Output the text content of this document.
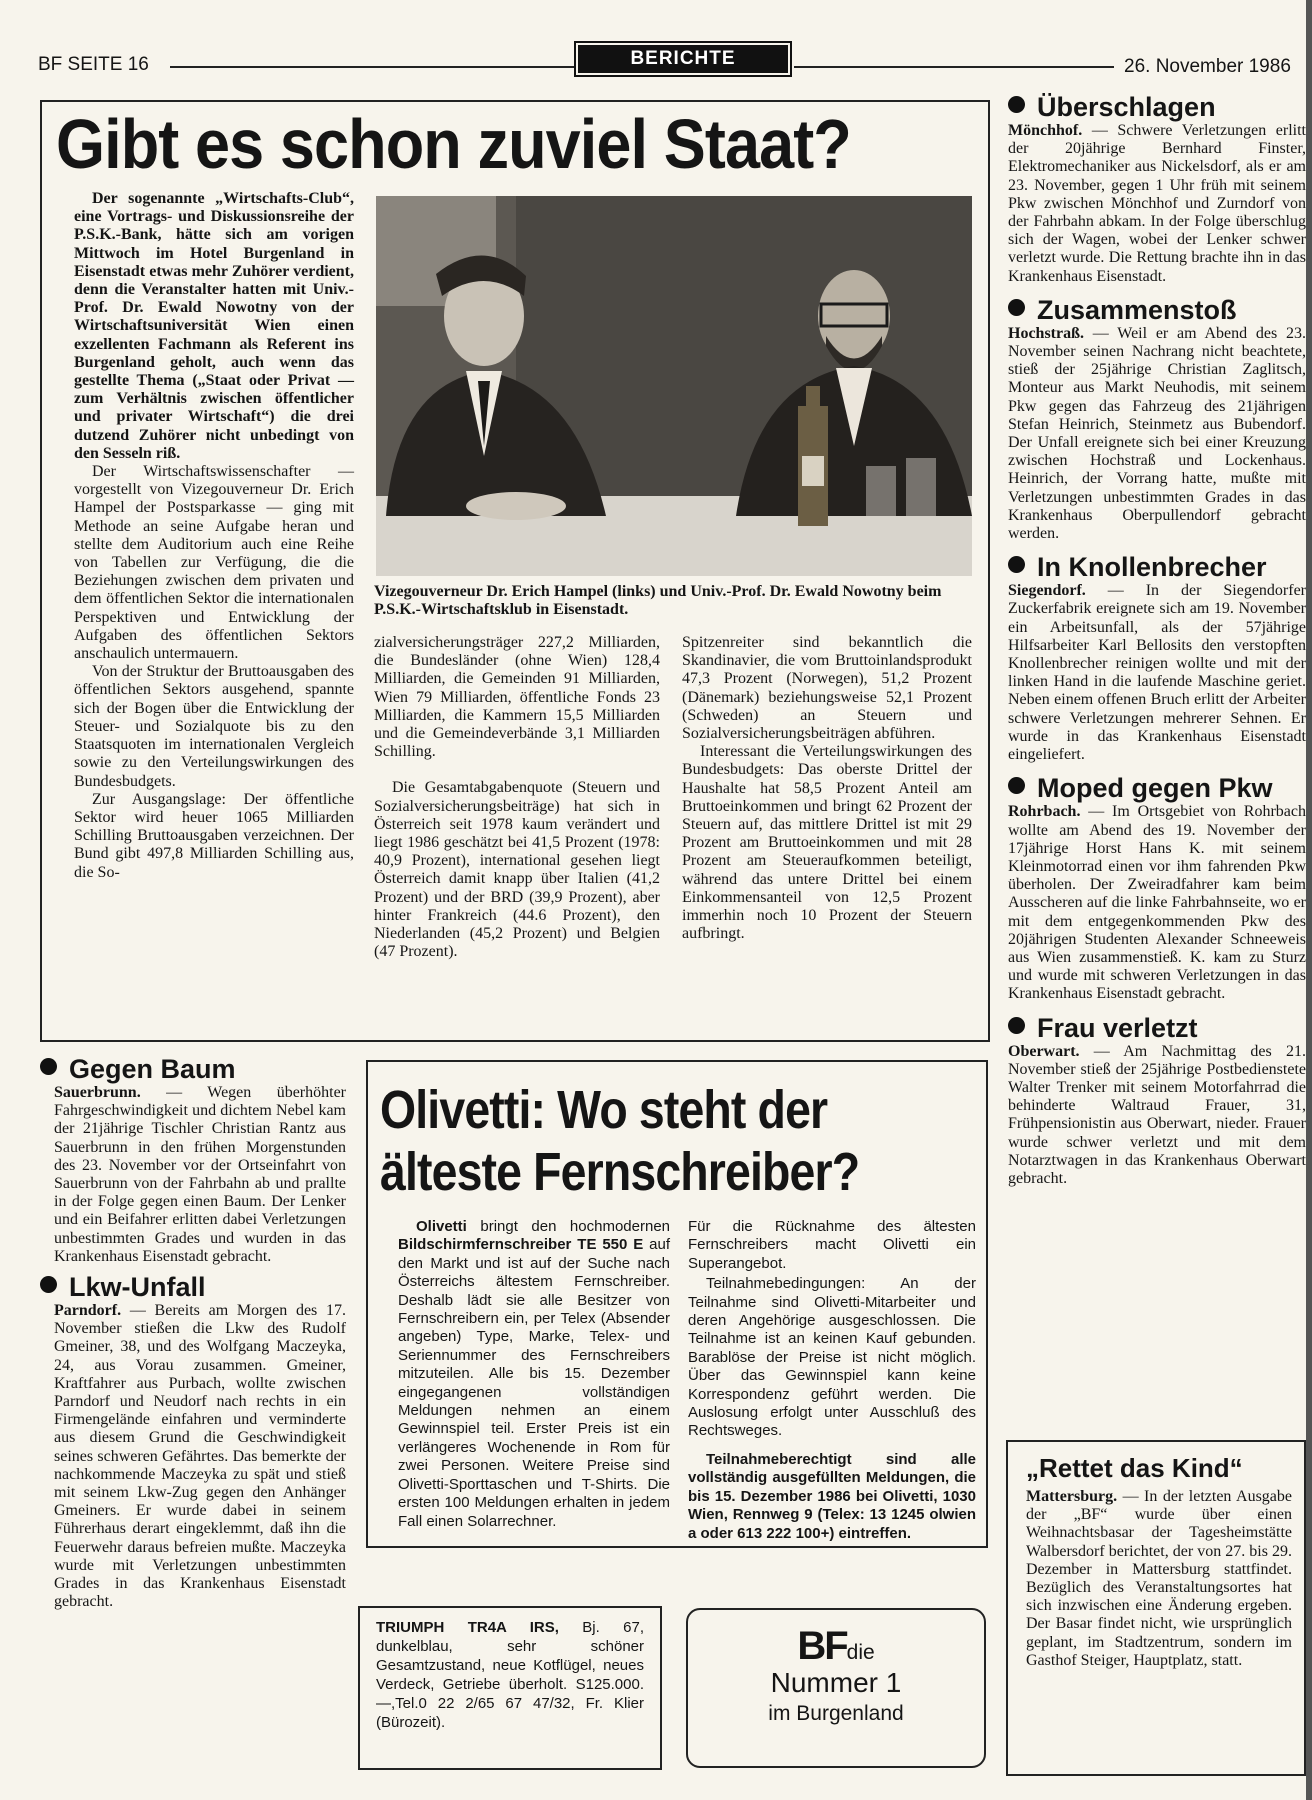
BF SEITE 16	BERICHTE	26. November 1986
Gibt es schon zuviel Staat?

Der sogenannte „Wirtschafts-Club“, eine Vortrags- und Diskussionsreihe der P.S.K.-Bank, hätte sich am vorigen Mittwoch im Hotel Burgenland in Eisenstadt etwas mehr Zuhörer verdient, denn die Veranstalter hatten mit Univ.-Prof. Dr. Ewald Nowotny von der Wirtschaftsuniversität Wien einen exzellenten Fachmann als Referent ins Burgenland geholt, auch wenn das gestellte Thema („Staat oder Privat — zum Verhältnis zwischen öffentlicher und privater Wirtschaft“) die drei dutzend Zuhörer nicht unbedingt von den Sesseln riß.

Der Wirtschaftswissenschafter — vorgestellt von Vizegouverneur Dr. Erich Hampel der Postsparkasse — ging mit Methode an seine Aufgabe heran und stellte dem Auditorium auch eine Reihe von Tabellen zur Verfügung, die die Beziehungen zwischen dem privaten und dem öffentlichen Sektor die internationalen Perspektiven und Entwicklung der Aufgaben des öffentlichen Sektors anschaulich untermauern.

Von der Struktur der Bruttoausgaben des öffentlichen Sektors ausgehend, spannte sich der Bogen über die Entwicklung der Steuer- und Sozialquote bis zu den Staatsquoten im internationalen Vergleich sowie zu den Verteilungswirkungen des Bundesbudgets.

Zur Ausgangslage: Der öffentliche Sektor wird heuer 1065 Milliarden Schilling Bruttoausgaben verzeichnen. Der Bund gibt 497,8 Milliarden Schilling aus, die So-

Vizegouverneur Dr. Erich Hampel (links) und Univ.-Prof. Dr. Ewald Nowotny beim P.S.K.-Wirtschaftsklub in Eisenstadt.

zialversicherungsträger 227,2 Milliarden, die Bundesländer (ohne Wien) 128,4 Milliarden, die Gemeinden 91 Milliarden, Wien 79 Milliarden, öffentliche Fonds 23 Milliarden, die Kammern 15,5 Milliarden und die Gemeindeverbände 3,1 Milliarden Schilling.

Die Gesamtabgabenquote (Steuern und Sozialversicherungsbeiträge) hat sich in Österreich seit 1978 kaum verändert und liegt 1986 geschätzt bei 41,5 Prozent (1978: 40,9 Prozent), international gesehen liegt Österreich damit knapp über Italien (41,2 Prozent) und der BRD (39,9 Prozent), aber hinter Frankreich (44.6 Prozent), den Niederlanden (45,2 Prozent) und Belgien (47 Prozent).

Spitzenreiter sind bekanntlich die Skandinavier, die vom Bruttoinlandsprodukt 47,3 Prozent (Norwegen), 51,2 Prozent (Dänemark) beziehungsweise 52,1 Prozent (Schweden) an Steuern und Sozialversicherungsbeiträgen abführen.

Interessant die Verteilungswirkungen des Bundesbudgets: Das oberste Drittel der Haushalte hat 58,5 Prozent Anteil am Bruttoeinkommen und bringt 62 Prozent der Steuern auf, das mittlere Drittel ist mit 29 Prozent am Bruttoeinkommen und mit 28 Prozent am Steueraufkommen beteiligt, während das untere Drittel bei einem Einkommensanteil von 12,5 Prozent immerhin noch 10 Prozent der Steuern aufbringt.

Überschlagen

Mönchhof. — Schwere Verletzungen erlitt der 20jährige Bernhard Finster, Elektromechaniker aus Nickelsdorf, als er am 23. November, gegen 1 Uhr früh mit seinem Pkw zwischen Mönchhof und Zurndorf von der Fahrbahn abkam. In der Folge überschlug sich der Wagen, wobei der Lenker schwer verletzt wurde. Die Rettung brachte ihn in das Krankenhaus Eisenstadt.

Zusammenstoß

Hochstraß. — Weil er am Abend des 23. November seinen Nachrang nicht beachtete, stieß der 25jährige Christian Zaglitsch, Monteur aus Markt Neuhodis, mit seinem Pkw gegen das Fahrzeug des 21jährigen Stefan Heinrich, Steinmetz aus Bubendorf. Der Unfall ereignete sich bei einer Kreuzung zwischen Hochstraß und Lockenhaus. Heinrich, der Vorrang hatte, mußte mit Verletzungen unbestimmten Grades in das Krankenhaus Oberpullendorf gebracht werden.

In Knollenbrecher

Siegendorf. — In der Siegendorfer Zuckerfabrik ereignete sich am 19. November ein Arbeitsunfall, als der 57jährige Hilfsarbeiter Karl Bellosits den verstopften Knollenbrecher reinigen wollte und mit der linken Hand in die laufende Maschine geriet. Neben einem offenen Bruch erlitt der Arbeiter schwere Verletzungen mehrerer Sehnen. Er wurde in das Krankenhaus Eisenstadt eingeliefert.

Moped gegen Pkw

Rohrbach. — Im Ortsgebiet von Rohrbach wollte am Abend des 19. November der 17jährige Horst Hans K. mit seinem Kleinmotorrad einen vor ihm fahrenden Pkw überholen. Der Zweiradfahrer kam beim Ausscheren auf die linke Fahrbahnseite, wo er mit dem entgegenkommenden Pkw des 20jährigen Studenten Alexander Schneeweis aus Wien zusammenstieß. K. kam zu Sturz und wurde mit schweren Verletzungen in das Krankenhaus Eisenstadt gebracht.

Frau verletzt

Oberwart. — Am Nachmittag des 21. November stieß der 25jährige Postbedienstete Walter Trenker mit seinem Motorfahrrad die behinderte Waltraud Frauer, 31, Frühpensionistin aus Oberwart, nieder. Frauer wurde schwer verletzt und mit dem Notarztwagen in das Krankenhaus Oberwart gebracht.

„Rettet das Kind“

Mattersburg. — In der letzten Ausgabe der „BF“ wurde über einen Weihnachtsbasar der Tagesheimstätte Walbersdorf berichtet, der von 27. bis 29. Dezember in Mattersburg stattfindet. Bezüglich des Veranstaltungsortes hat sich inzwischen eine Änderung ergeben. Der Basar findet nicht, wie ursprünglich geplant, im Stadtzentrum, sondern im Gasthof Steiger, Hauptplatz, statt.

Gegen Baum

Sauerbrunn. — Wegen überhöhter Fahrgeschwindigkeit und dichtem Nebel kam der 21jährige Tischler Christian Rantz aus Sauerbrunn in den frühen Morgenstunden des 23. November vor der Ortseinfahrt von Sauerbrunn von der Fahrbahn ab und prallte in der Folge gegen einen Baum. Der Lenker und ein Beifahrer erlitten dabei Verletzungen unbestimmten Grades und wurden in das Krankenhaus Eisenstadt gebracht.

Lkw-Unfall

Parndorf. — Bereits am Morgen des 17. November stießen die Lkw des Rudolf Gmeiner, 38, und des Wolfgang Maczeyka, 24, aus Vorau zusammen. Gmeiner, Kraftfahrer aus Purbach, wollte zwischen Parndorf und Neudorf nach rechts in ein Firmengelände einfahren und verminderte aus diesem Grund die Geschwindigkeit seines schweren Gefährtes. Das bemerkte der nachkommende Maczeyka zu spät und stieß mit seinem Lkw-Zug gegen den Anhänger Gmeiners. Er wurde dabei in seinem Führerhaus derart eingeklemmt, daß ihn die Feuerwehr daraus befreien mußte. Maczeyka wurde mit Verletzungen unbestimmten Grades in das Krankenhaus Eisenstadt gebracht.

Olivetti: Wo steht der
älteste Fernschreiber?

Olivetti bringt den hochmodernen Bildschirmfernschreiber TE 550 E auf den Markt und ist auf der Suche nach Österreichs ältestem Fernschreiber. Deshalb lädt sie alle Besitzer von Fernschreibern ein, per Telex (Absender angeben) Type, Marke, Telex- und Seriennummer des Fernschreibers mitzuteilen. Alle bis 15. Dezember eingegangenen vollständigen Meldungen nehmen an einem Gewinnspiel teil. Erster Preis ist ein verlängeres Wochenende in Rom für zwei Personen. Weitere Preise sind Olivetti-Sporttaschen und T-Shirts. Die ersten 100 Meldungen erhalten in jedem Fall einen Solarrechner.

Für die Rücknahme des ältesten Fernschreibers macht Olivetti ein Superangebot.

Teilnahmebedingungen: An der Teilnahme sind Olivetti-Mitarbeiter und deren Angehörige ausgeschlossen. Die Teilnahme ist an keinen Kauf gebunden. Barablöse der Preise ist nicht möglich. Über das Gewinnspiel kann keine Korrespondenz geführt werden. Die Auslosung erfolgt unter Ausschluß des Rechtsweges.

Teilnahmeberechtigt sind alle vollständig ausgefüllten Meldungen, die bis 15. Dezember 1986 bei Olivetti, 1030 Wien, Rennweg 9 (Telex: 13 1245 olwien a oder 613 222 100+) eintreffen.

TRIUMPH TR4A IRS, Bj. 67, dunkelblau, sehr schöner Gesamtzustand, neue Kotflügel, neues Verdeck, Getriebe überholt. S125.000.—,Tel.0 22 2/65 67 47/32, Fr. Klier (Bürozeit).

BFdie
Nummer 1
im Burgenland
